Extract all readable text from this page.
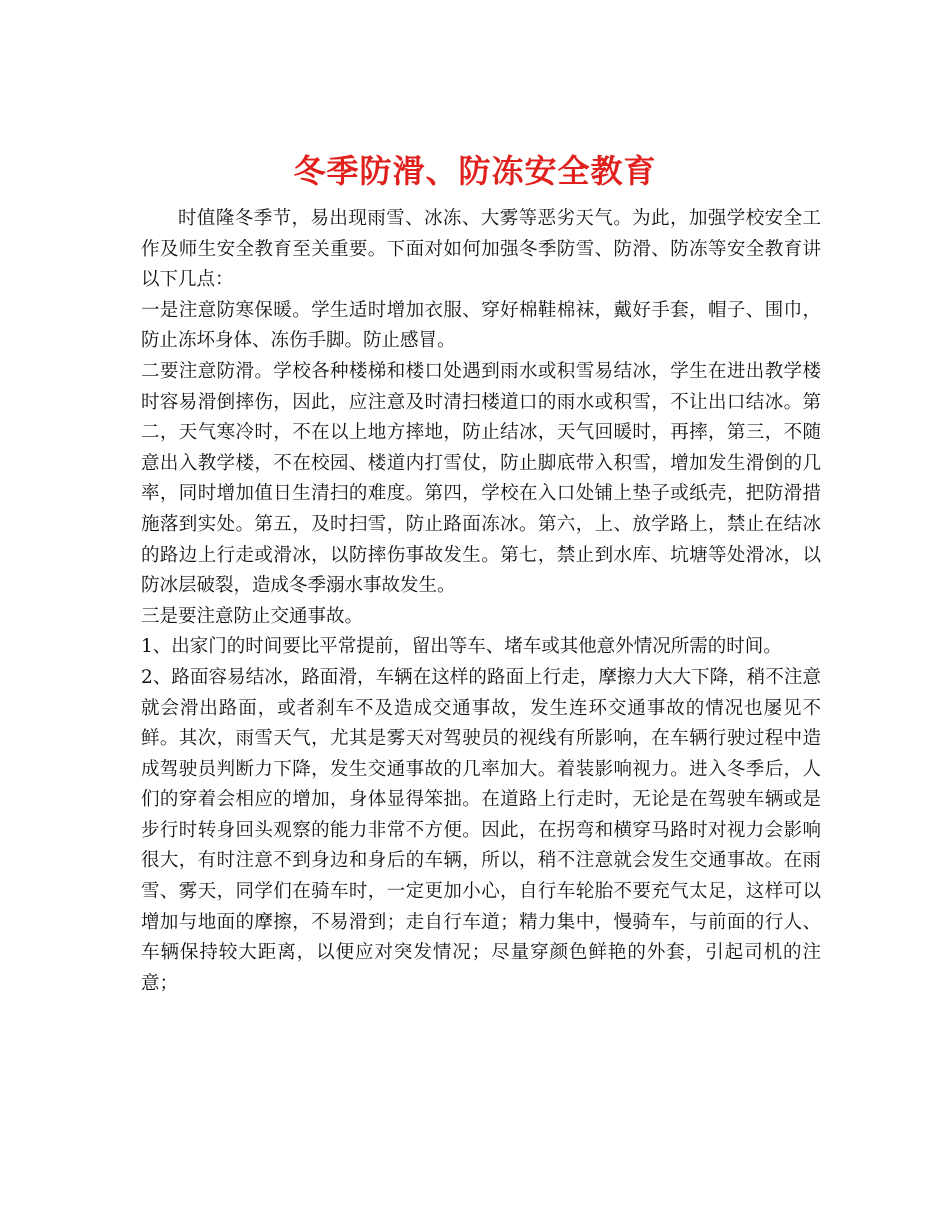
冬季防滑、防冻安全教育

时值隆冬季节，易出现雨雪、冰冻、大雾等恶劣天气。为此，加强学校安全工作及师生安全教育至关重要。下面对如何加强冬季防雪、防滑、防冻等安全教育讲以下几点：

一是注意防寒保暖。学生适时增加衣服、穿好棉鞋棉袜，戴好手套，帽子、围巾，防止冻坏身体、冻伤手脚。防止感冒。

二要注意防滑。学校各种楼梯和楼口处遇到雨水或积雪易结冰，学生在进出教学楼时容易滑倒摔伤，因此，应注意及时清扫楼道口的雨水或积雪，不让出口结冰。第二，天气寒冷时，不在以上地方摔地，防止结冰，天气回暖时，再摔，第三，不随意出入教学楼，不在校园、楼道内打雪仗，防止脚底带入积雪，增加发生滑倒的几率，同时增加值日生清扫的难度。第四，学校在入口处铺上垫子或纸壳，把防滑措施落到实处。第五，及时扫雪，防止路面冻冰。第六，上、放学路上，禁止在结冰的路边上行走或滑冰，以防摔伤事故发生。第七，禁止到水库、坑塘等处滑冰，以防冰层破裂，造成冬季溺水事故发生。

三是要注意防止交通事故。

1、出家门的时间要比平常提前，留出等车、堵车或其他意外情况所需的时间。

2、路面容易结冰，路面滑，车辆在这样的路面上行走，摩擦力大大下降，稍不注意就会滑出路面，或者刹车不及造成交通事故，发生连环交通事故的情况也屡见不鲜。其次，雨雪天气，尤其是雾天对驾驶员的视线有所影响，在车辆行驶过程中造成驾驶员判断力下降，发生交通事故的几率加大。着装影响视力。进入冬季后，人们的穿着会相应的增加，身体显得笨拙。在道路上行走时，无论是在驾驶车辆或是步行时转身回头观察的能力非常不方便。因此，在拐弯和横穿马路时对视力会影响很大，有时注意不到身边和身后的车辆，所以，稍不注意就会发生交通事故。在雨雪、雾天，同学们在骑车时，一定更加小心，自行车轮胎不要充气太足，这样可以增加与地面的摩擦，不易滑到；走自行车道；精力集中，慢骑车，与前面的行人、车辆保持较大距离，以便应对突发情况；尽量穿颜色鲜艳的外套，引起司机的注意；
